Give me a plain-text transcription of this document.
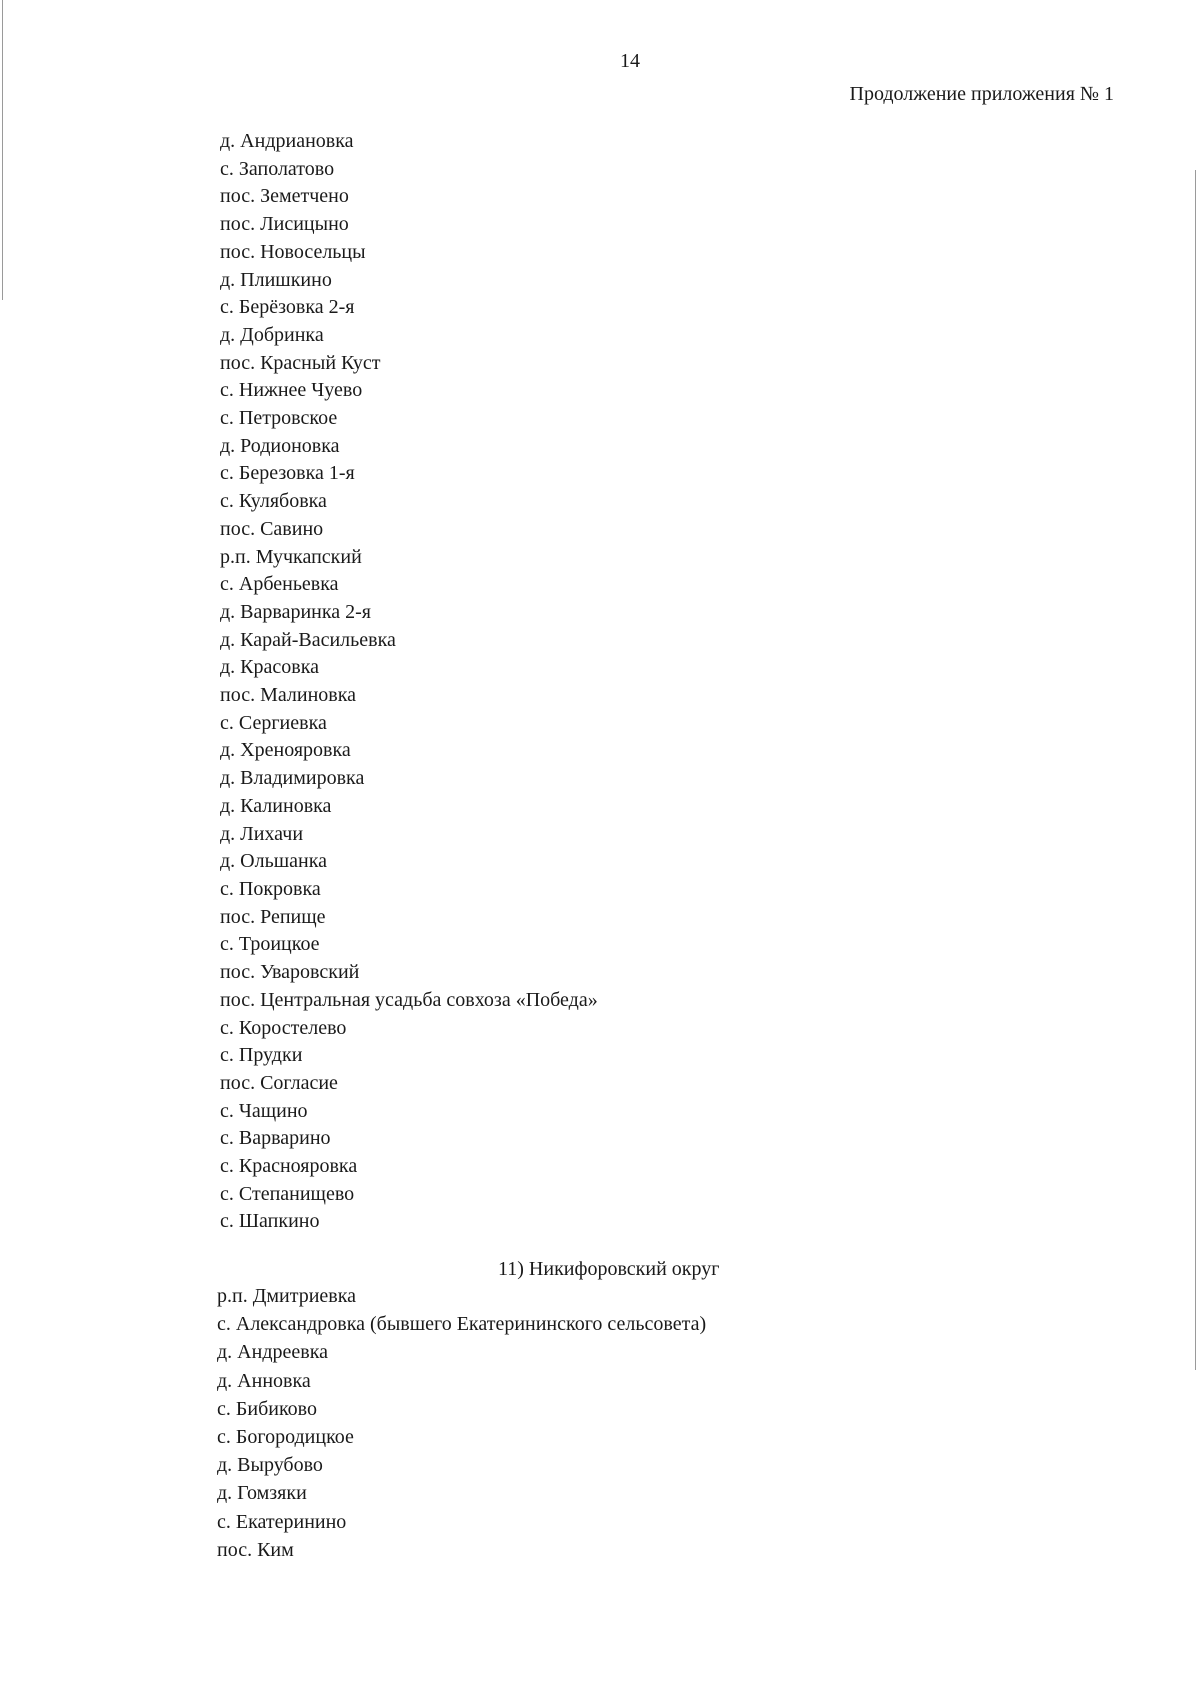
14
Продолжение приложения № 1
д. Андриановка
с. Заполатово
пос. Земетчено
пос. Лисицыно
пос. Новосельцы
д. Плишкино
с. Берёзовка 2-я
д. Добринка
пос. Красный Куст
с. Нижнее Чуево
с. Петровское
д. Родионовка
с. Березовка 1-я
с. Кулябовка
пос. Савино
р.п. Мучкапский
с. Арбеньевка
д. Варваринка 2-я
д. Карай-Васильевка
д. Красовка
пос. Малиновка
с. Сергиевка
д. Хренояровка
д. Владимировка
д. Калиновка
д. Лихачи
д. Ольшанка
с. Покровка
пос. Репище
с. Троицкое
пос. Уваровский
пос. Центральная усадьба совхоза «Победа»
с. Коростелево
с. Прудки
пос. Согласие
с. Чащино
с. Варварино
с. Краснояровка
с. Степанищево
с. Шапкино
11) Никифоровский округ
р.п. Дмитриевка
с. Александровка (бывшего Екатерининского сельсовета)
д. Андреевка
д. Анновка
с. Бибиково
с. Богородицкое
д. Вырубово
д. Гомзяки
с. Екатеринино
пос. Ким
